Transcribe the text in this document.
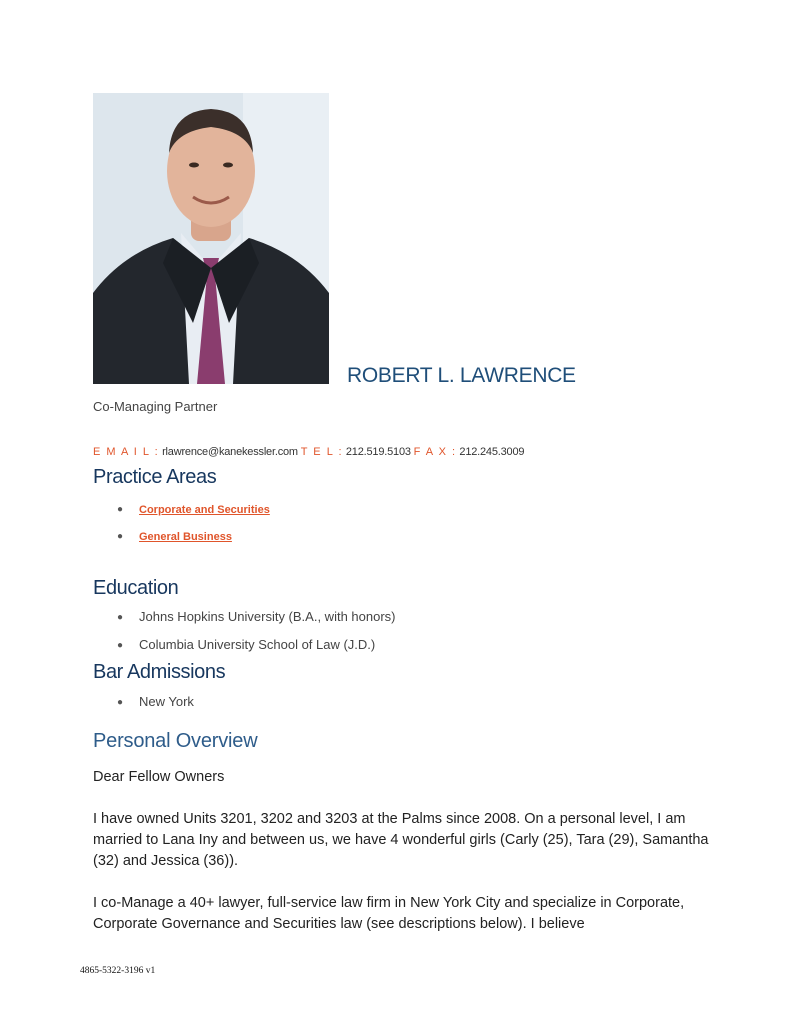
ROBERT L. LAWRENCE
Co-Managing Partner
E M A I L : rlawrence@kanekessler.com T E L : 212.519.5103 F A X : 212.245.3009
Practice Areas
● Corporate and Securities
● General Business
Education
● Johns Hopkins University (B.A., with honors)
● Columbia University School of Law (J.D.)
Bar Admissions
● New York
Personal Overview
Dear Fellow Owners
I have owned Units 3201, 3202 and 3203 at the Palms since 2008. On a personal level, I am married to Lana Iny and between us, we have 4 wonderful girls (Carly (25), Tara (29), Samantha (32) and Jessica (36)).
I co-Manage a 40+ lawyer, full-service law firm in New York City and specialize in Corporate, Corporate Governance and Securities law (see descriptions below). I believe
4865-5322-3196 v1
